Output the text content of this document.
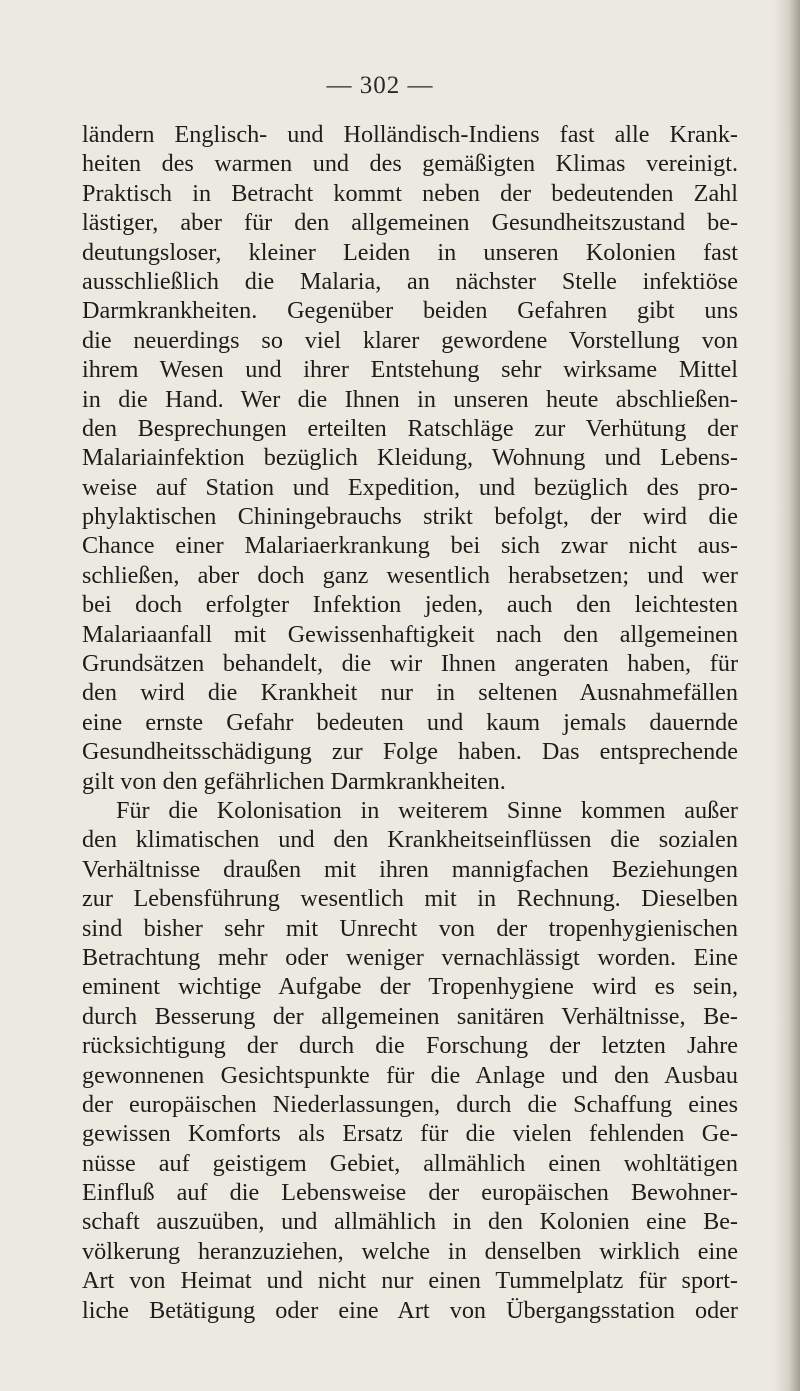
— 302 —
ländern Englisch- und Holländisch-Indiens fast alle Krank-
heiten des warmen und des gemäßigten Klimas vereinigt.
Praktisch in Betracht kommt neben der bedeutenden Zahl
lästiger, aber für den allgemeinen Gesundheitszustand be-
deutungsloser, kleiner Leiden in unseren Kolonien fast
ausschließlich die Malaria, an nächster Stelle infektiöse
Darmkrankheiten. Gegenüber beiden Gefahren gibt uns
die neuerdings so viel klarer gewordene Vorstellung von
ihrem Wesen und ihrer Entstehung sehr wirksame Mittel
in die Hand. Wer die Ihnen in unseren heute abschließen-
den Besprechungen erteilten Ratschläge zur Verhütung der
Malariainfektion bezüglich Kleidung, Wohnung und Lebens-
weise auf Station und Expedition, und bezüglich des pro-
phylaktischen Chiningebrauchs strikt befolgt, der wird die
Chance einer Malariaerkrankung bei sich zwar nicht aus-
schließen, aber doch ganz wesentlich herabsetzen; und wer
bei doch erfolgter Infektion jeden, auch den leichtesten
Malariaanfall mit Gewissenhaftigkeit nach den allgemeinen
Grundsätzen behandelt, die wir Ihnen angeraten haben, für
den wird die Krankheit nur in seltenen Ausnahmefällen
eine ernste Gefahr bedeuten und kaum jemals dauernde
Gesundheitsschädigung zur Folge haben. Das entsprechende
gilt von den gefährlichen Darmkrankheiten.
Für die Kolonisation in weiterem Sinne kommen außer
den klimatischen und den Krankheitseinflüssen die sozialen
Verhältnisse draußen mit ihren mannigfachen Beziehungen
zur Lebensführung wesentlich mit in Rechnung. Dieselben
sind bisher sehr mit Unrecht von der tropenhygienischen
Betrachtung mehr oder weniger vernachlässigt worden. Eine
eminent wichtige Aufgabe der Tropenhygiene wird es sein,
durch Besserung der allgemeinen sanitären Verhältnisse, Be-
rücksichtigung der durch die Forschung der letzten Jahre
gewonnenen Gesichtspunkte für die Anlage und den Ausbau
der europäischen Niederlassungen, durch die Schaffung eines
gewissen Komforts als Ersatz für die vielen fehlenden Ge-
nüsse auf geistigem Gebiet, allmählich einen wohltätigen
Einfluß auf die Lebensweise der europäischen Bewohner-
schaft auszuüben, und allmählich in den Kolonien eine Be-
völkerung heranzuziehen, welche in denselben wirklich eine
Art von Heimat und nicht nur einen Tummelplatz für sport-
liche Betätigung oder eine Art von Übergangsstation oder
